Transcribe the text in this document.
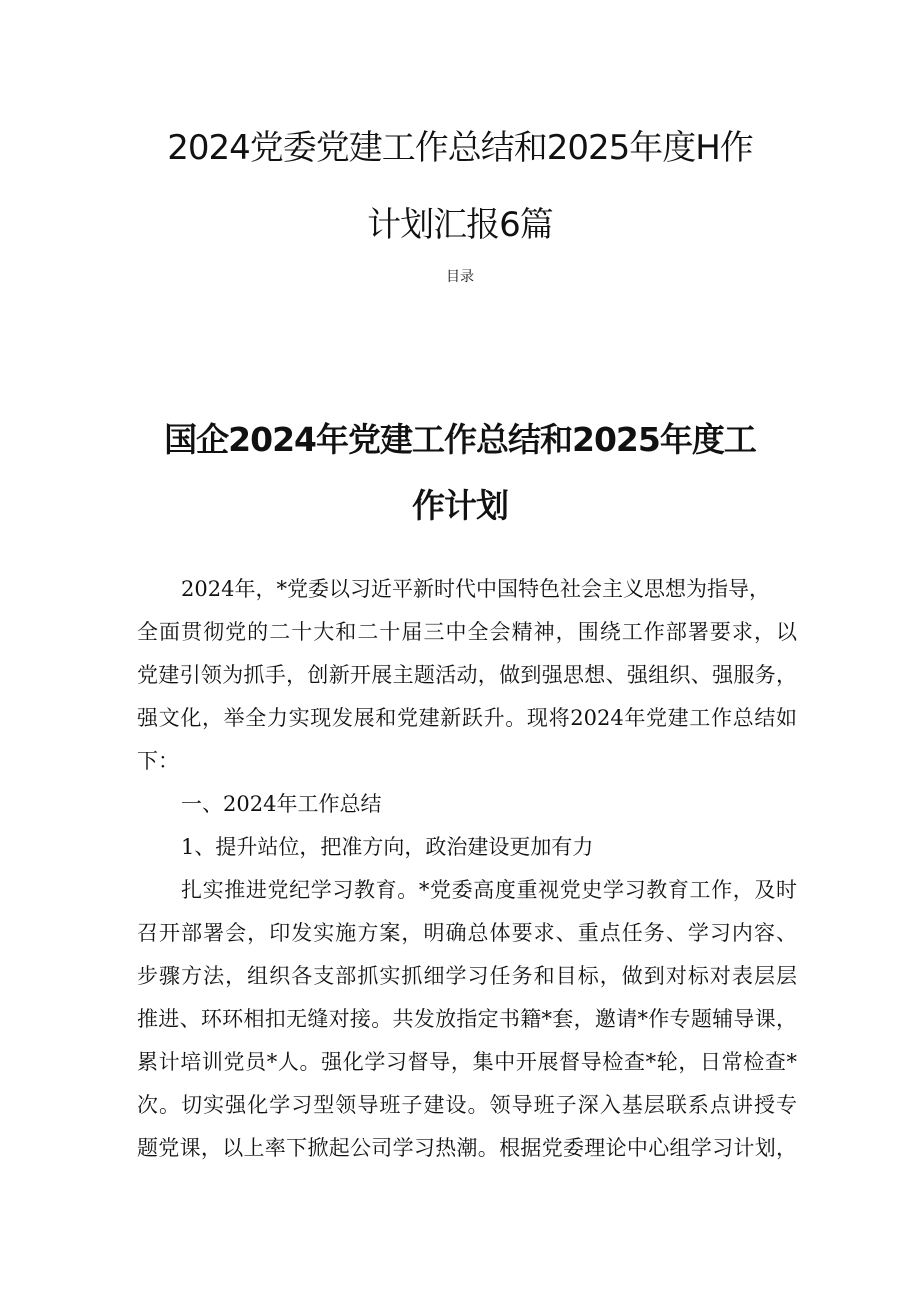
2024党委党建工作总结和2025年度H作
计划汇报6篇
目录
国企2024年党建工作总结和2025年度工
作计划
2024年，*党委以习近平新时代中国特色社会主义思想为指导，
全面贯彻党的二十大和二十届三中全会精神，围绕工作部署要求，以
党建引领为抓手，创新开展主题活动，做到强思想、强组织、强服务，
强文化，举全力实现发展和党建新跃升。现将2024年党建工作总结如
下：
一、2024年工作总结
1、提升站位，把准方向，政治建设更加有力
扎实推进党纪学习教育。*党委高度重视党史学习教育工作，及时
召开部署会，印发实施方案，明确总体要求、重点任务、学习内容、
步骤方法，组织各支部抓实抓细学习任务和目标，做到对标对表层层
推进、环环相扣无缝对接。共发放指定书籍*套，邀请*作专题辅导课，
累计培训党员*人。强化学习督导，集中开展督导检查*轮，日常检查*
次。切实强化学习型领导班子建设。领导班子深入基层联系点讲授专
题党课，以上率下掀起公司学习热潮。根据党委理论中心组学习计划，
